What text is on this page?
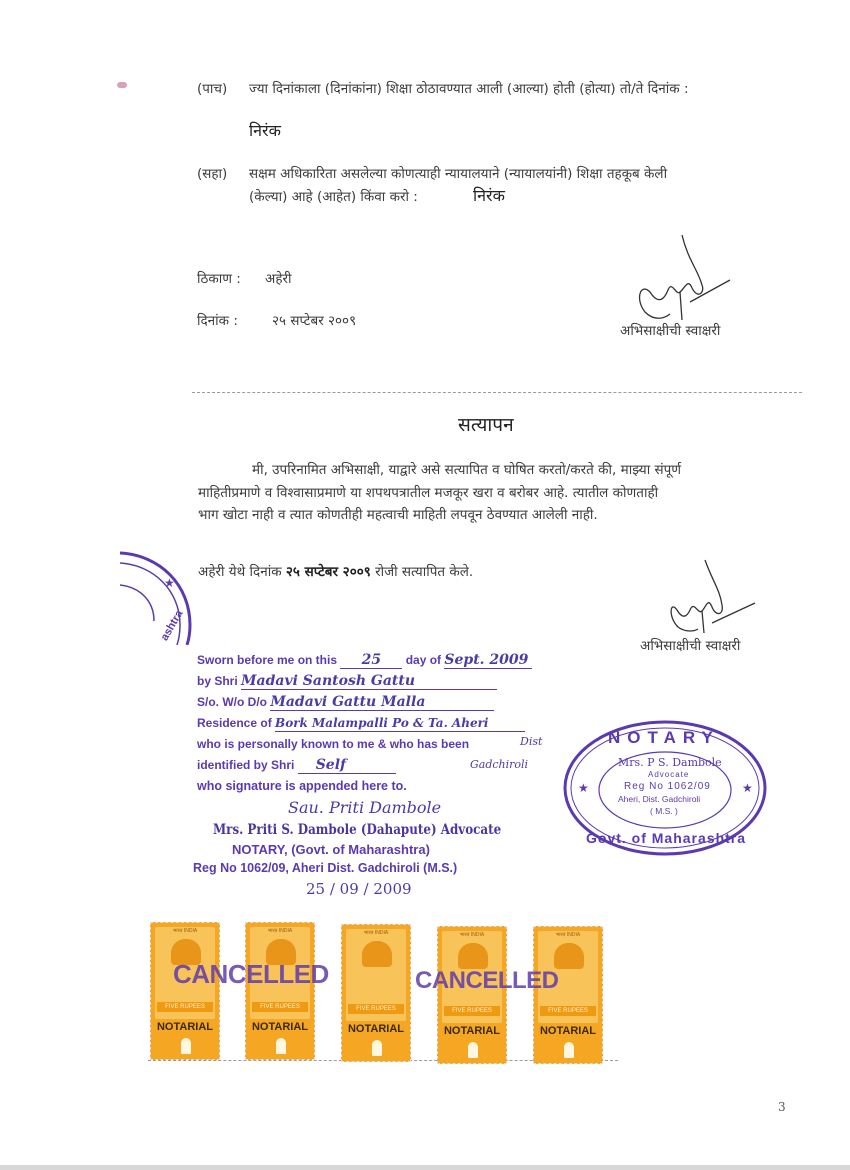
(पाच) ज्या दिनांकाला (दिनांकांना) शिक्षा ठोठावण्यात आली (आल्या) होती (होत्या) तो/ते दिनांक :
निरंक
(सहा) सक्षम अधिकारिता असलेल्या कोणत्याही न्यायालयाने (न्यायालयांनी) शिक्षा तहकूब केली
(केल्या) आहे (आहेत) किंवा करो :	निरंक
ठिकाण : अहेरी
दिनांक :	२५ सप्टेबर २००९
अभिसाक्षीची स्वाक्षरी
सत्यापन
मी, उपरिनामित अभिसाक्षी, याद्वारे असे सत्यापित व घोषित करतो/करते की, माझ्या संपूर्ण
माहितीप्रमाणे व विश्वासाप्रमाणे या शपथपत्रातील मजकूर खरा व बरोबर आहे. त्यातील कोणताही
भाग खोटा नाही व त्यात कोणतीही महत्वाची माहिती लपवून ठेवण्यात आलेली नाही.
अहेरी येथे दिनांक २५ सप्टेबर २००९ रोजी सत्यापित केले.
अभिसाक्षीची स्वाक्षरी
★
ashtra
Sworn before me on this 25 day of Sept. 2009
by Shri Madavi Santosh Gattu
S/o. W/o D/o Madavi Gattu Malla
Residence of Bork Malampalli Po & Ta. Aheri
who is personally known to me & who has been	Dist
identified by Shri Self	Gadchiroli
who signature is appended here to.
Sau. Priti Dambole
Mrs. Priti S. Dambole (Dahapute) Advocate
NOTARY, (Govt. of Maharashtra)
Reg No 1062/09, Aheri Dist. Gadchiroli (M.S.)
25 / 09 / 2009
★	★
NOTARY
Mrs. P S. Dambole
Advocate
Reg No 1062/09
Aheri, Dist. Gadchiroli
( M.S. )
Govt. of Maharashtra
भारत INDIA
FIVE RUPEES
NOTARIAL
भारत INDIA
FIVE RUPEES
NOTARIAL
भारत INDIA
FIVE RUPEES
NOTARIAL
भारत INDIA
FIVE RUPEES
NOTARIAL
भारत INDIA
FIVE RUPEES
NOTARIAL
CANCELLED	CANCELLED
3
